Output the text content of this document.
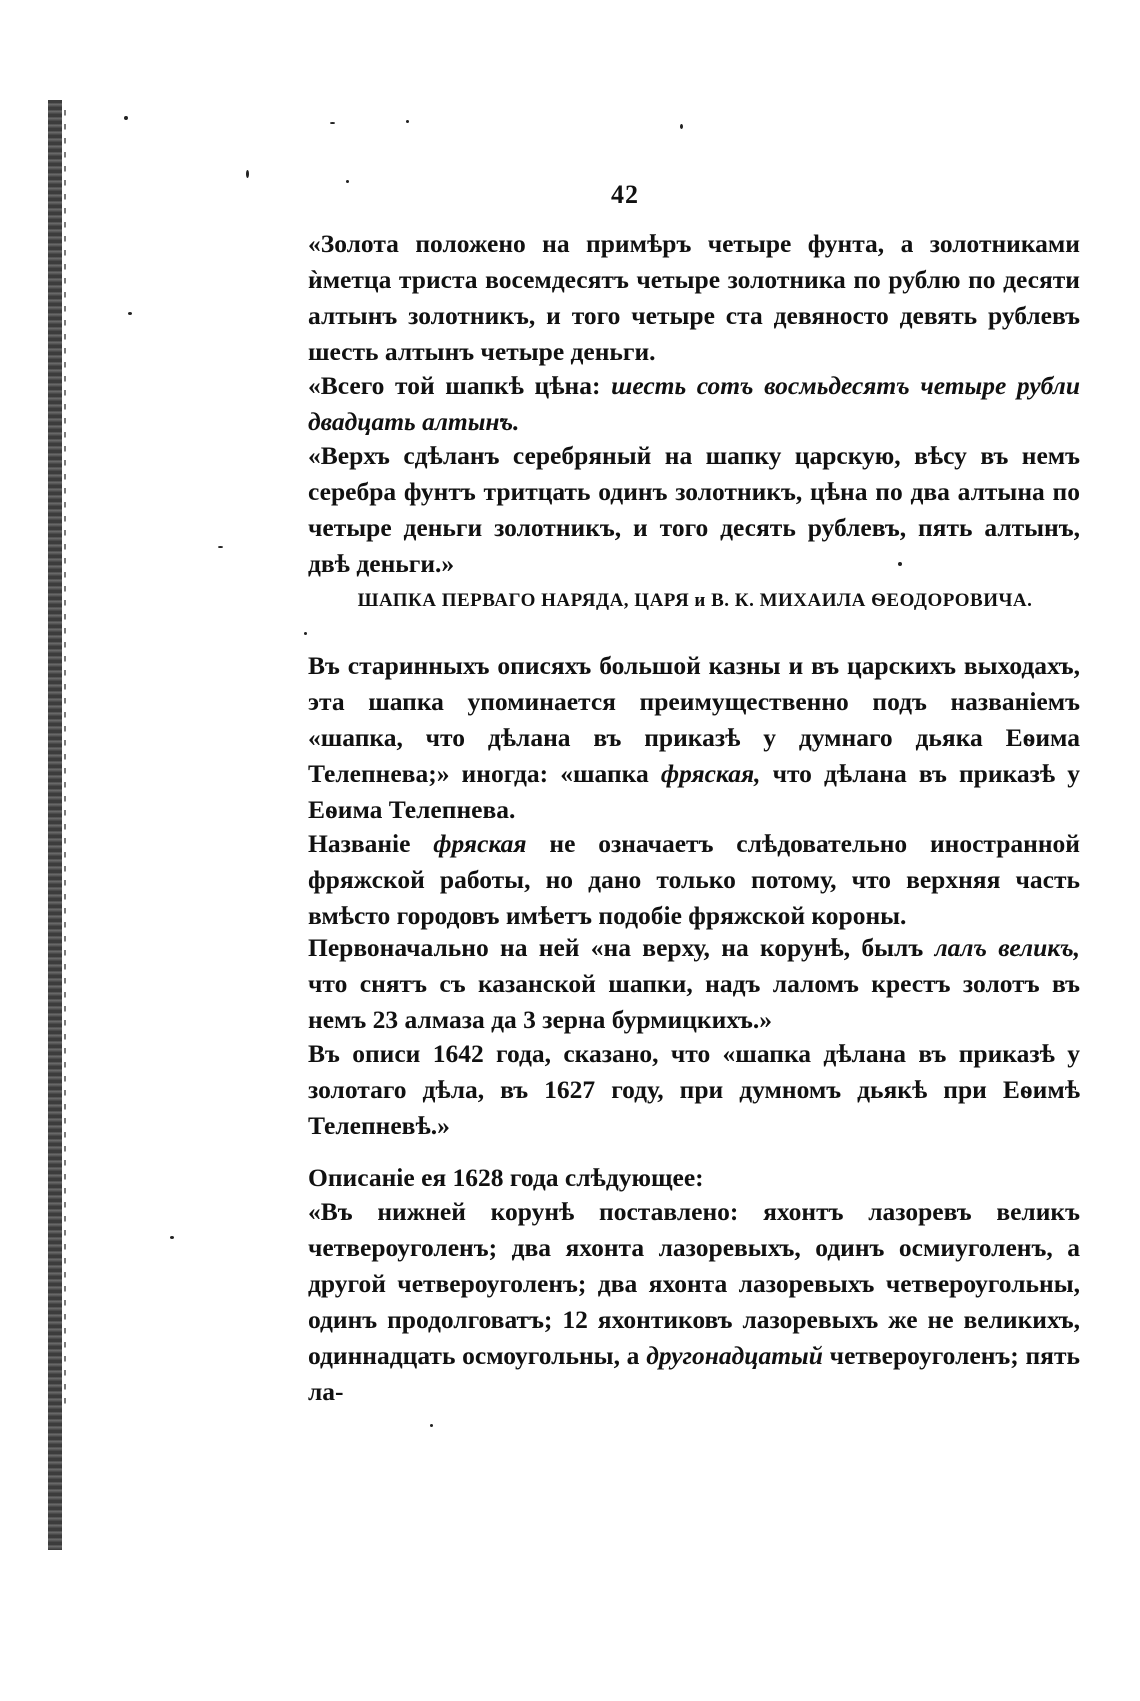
42

«Золота положено на примѣръ четыре фунта, а золотниками ѝметца триста восемдесятъ четыре золотника по рублю по десяти алтынъ золотникъ, и того четыре ста девяносто девять рублевъ шесть алтынъ четыре деньги.

«Всего той шапкѣ цѣна: шесть сотъ восмьдесятъ четыре рубли двадцать алтынъ.

«Верхъ сдѣланъ серебряный на шапку царскую, вѣсу въ немъ серебра фунтъ тритцать одинъ золотникъ, цѣна по два алтына по четыре деньги золотникъ, и того десять рублевъ, пять алтынъ, двѣ деньги.»

ШАПКА ПЕРВАГО НАРЯДА, ЦАРЯ и В. К. МИХАИЛА ѲЕОДОРОВИЧА.

Въ старинныхъ описяхъ большой казны и въ царскихъ выходахъ, эта шапка упоминается преимущественно подъ названіемъ «шапка, что дѣлана въ приказѣ у думнаго дьяка Еѳима Телепнева;» иногда: «шапка фряская, что дѣлана въ приказѣ у Еѳима Телепнева.

Названіе фряская не означаетъ слѣдовательно иностранной фряжской работы, но дано только потому, что верхняя часть вмѣсто городовъ имѣетъ подобіе фряжской короны.

Первоначально на ней «на верху, на корунѣ, былъ лалъ великъ, что снятъ съ казанской шапки, надъ лаломъ крестъ золотъ въ немъ 23 алмаза да 3 зерна бурмицкихъ.»

Въ описи 1642 года, сказано, что «шапка дѣлана въ приказѣ у золотаго дѣла, въ 1627 году, при думномъ дьякѣ при Еѳимѣ Телепневѣ.»

Описаніе ея 1628 года слѣдующее:

«Въ нижней корунѣ поставлено: яхонтъ лазоревъ великъ четвероуголенъ; два яхонта лазоревыхъ, одинъ осмиуголенъ, а другой четвероуголенъ; два яхонта лазоревыхъ четвероугольны, одинъ продолговатъ; 12 яхонтиковъ лазоревыхъ же не великихъ, одиннадцать осмоугольны, а другонадцатый четвероуголенъ; пять ла-
